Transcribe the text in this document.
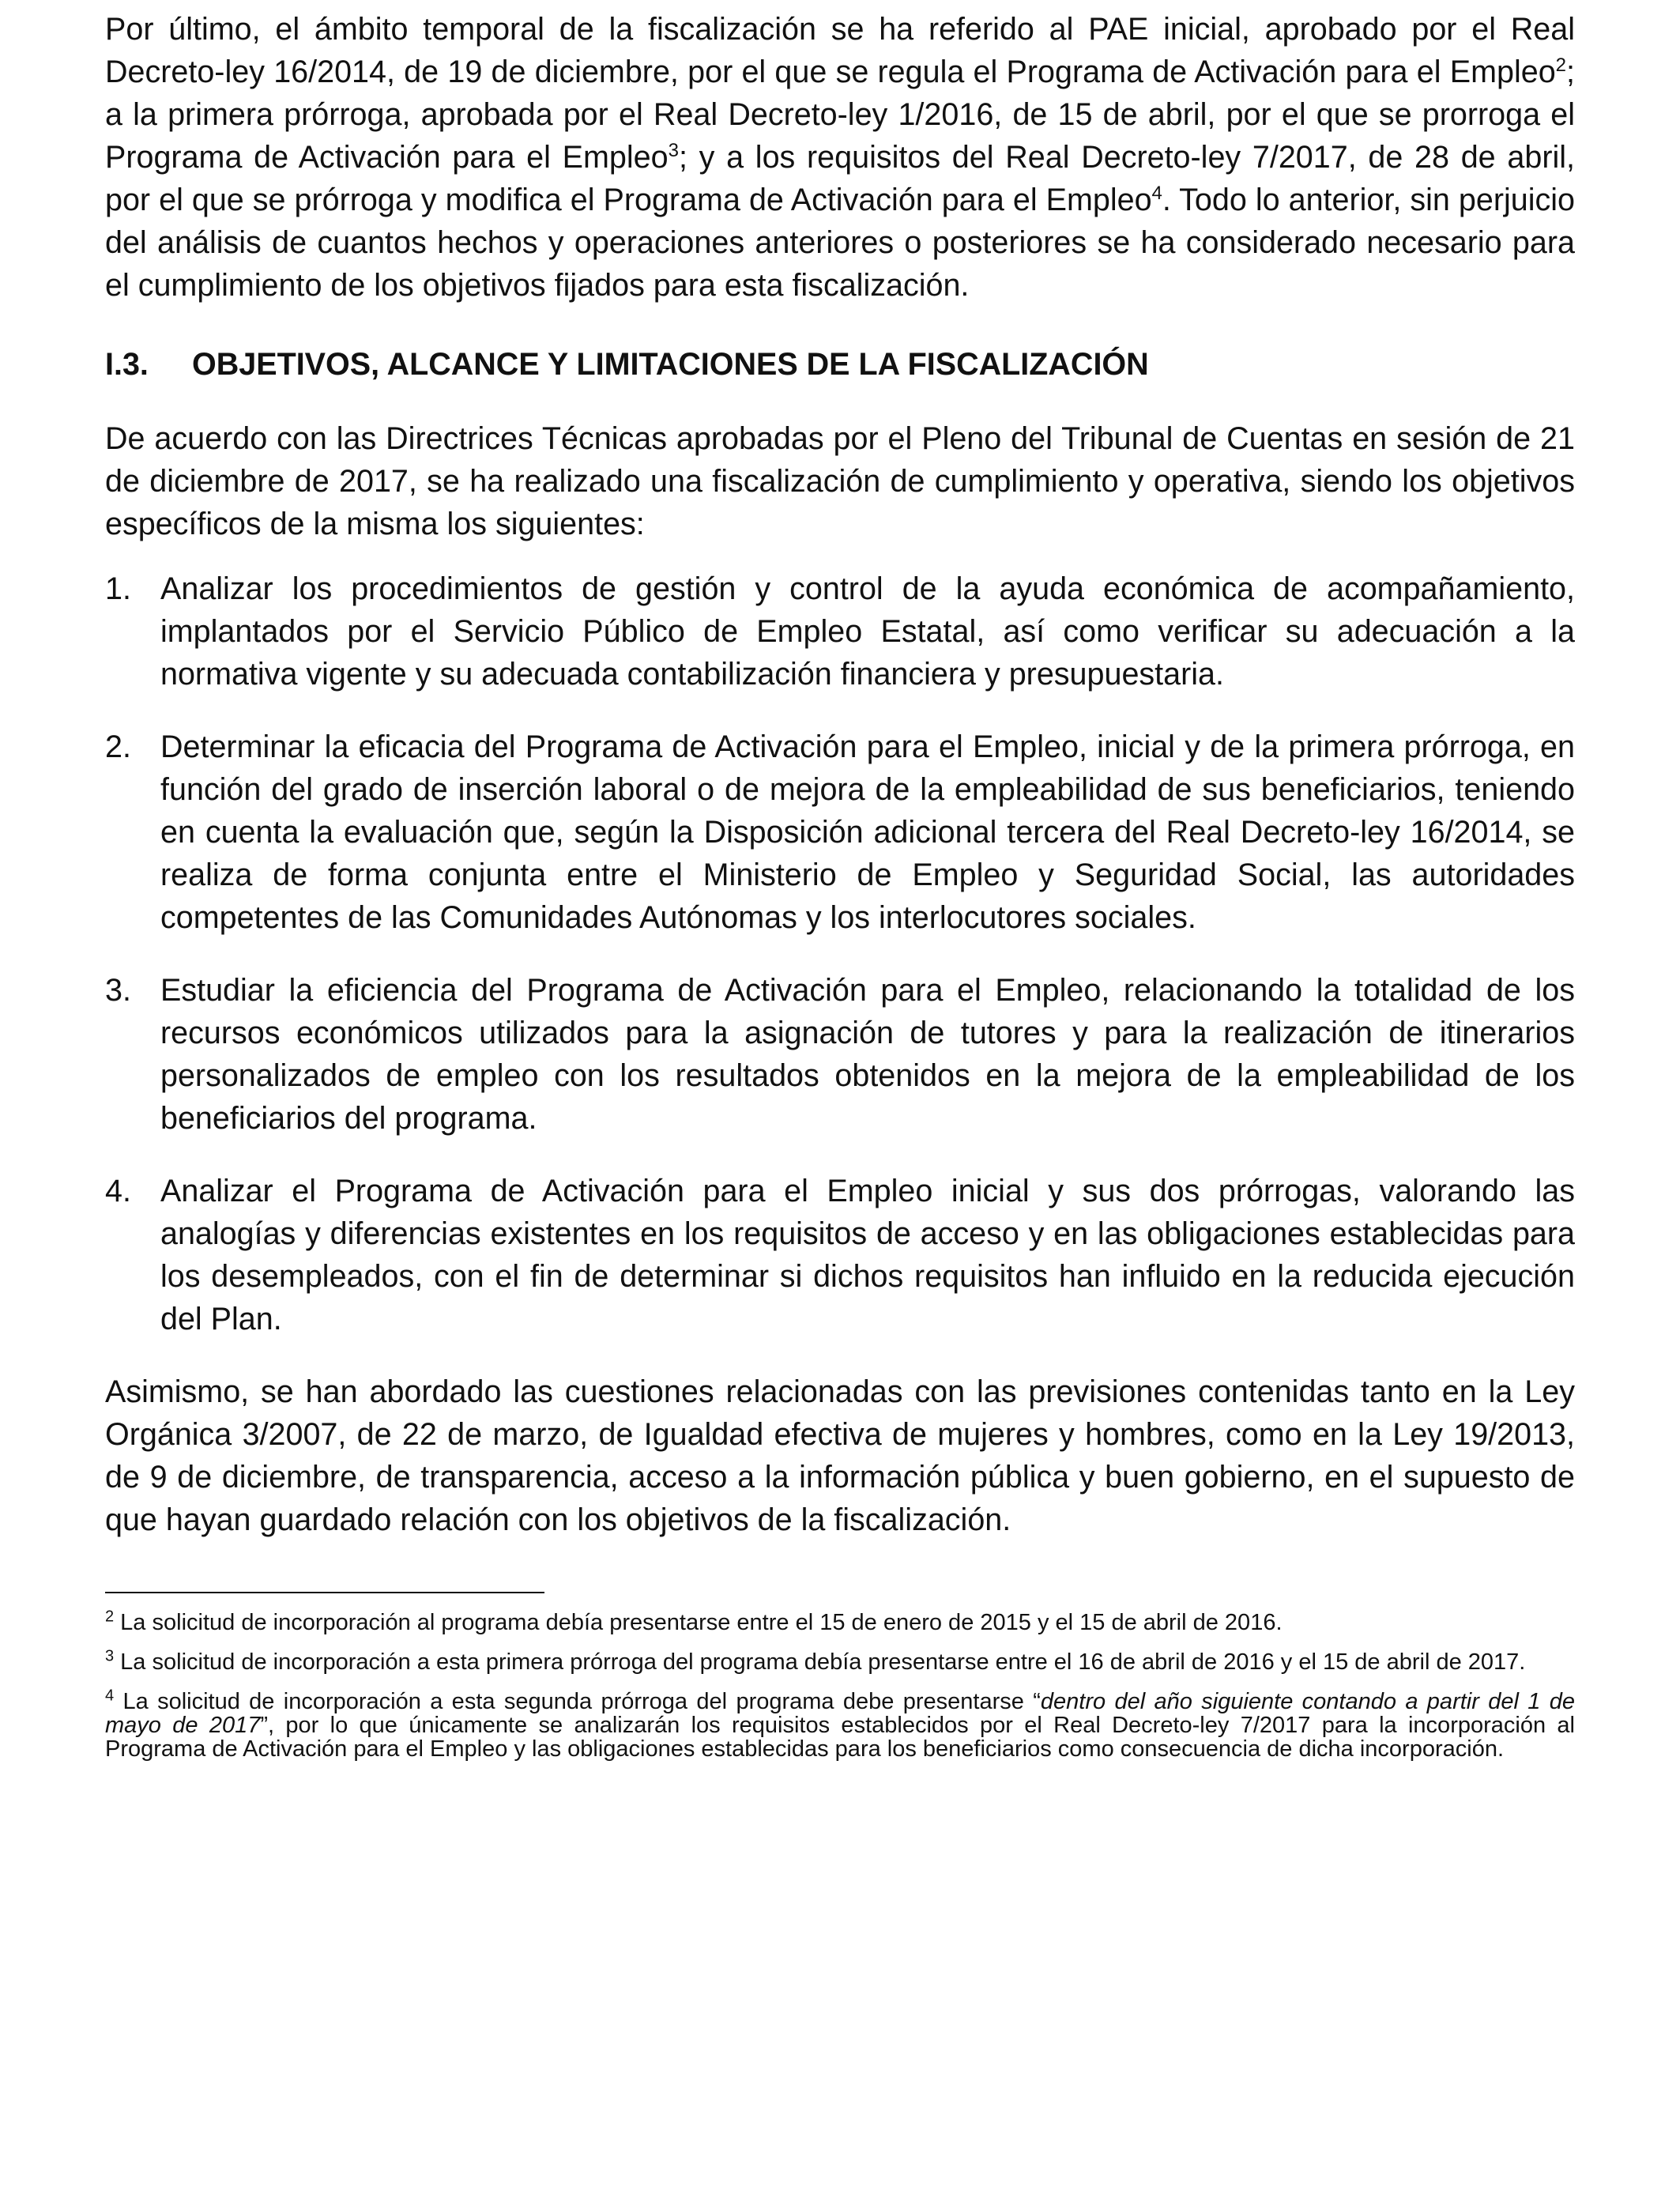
Por último, el ámbito temporal de la fiscalización se ha referido al PAE inicial, aprobado por el Real Decreto-ley 16/2014, de 19 de diciembre, por el que se regula el Programa de Activación para el Empleo$^2$; a la primera prórroga, aprobada por el Real Decreto-ley 1/2016, de 15 de abril, por el que se prorroga el Programa de Activación para el Empleo$^3$; y a los requisitos del Real Decreto-ley 7/2017, de 28 de abril, por el que se prórroga y modifica el Programa de Activación para el Empleo$^4$. Todo lo anterior, sin perjuicio del análisis de cuantos hechos y operaciones anteriores o posteriores se ha considerado necesario para el cumplimiento de los objetivos fijados para esta fiscalización.

I.3.	OBJETIVOS, ALCANCE Y LIMITACIONES DE LA FISCALIZACIÓN

De acuerdo con las Directrices Técnicas aprobadas por el Pleno del Tribunal de Cuentas en sesión de 21 de diciembre de 2017, se ha realizado una fiscalización de cumplimiento y operativa, siendo los objetivos específicos de la misma los siguientes:

1. Analizar los procedimientos de gestión y control de la ayuda económica de acompañamiento, implantados por el Servicio Público de Empleo Estatal, así como verificar su adecuación a la normativa vigente y su adecuada contabilización financiera y presupuestaria.
2. Determinar la eficacia del Programa de Activación para el Empleo, inicial y de la primera prórroga, en función del grado de inserción laboral o de mejora de la empleabilidad de sus beneficiarios, teniendo en cuenta la evaluación que, según la Disposición adicional tercera del Real Decreto-ley 16/2014, se realiza de forma conjunta entre el Ministerio de Empleo y Seguridad Social, las autoridades competentes de las Comunidades Autónomas y los interlocutores sociales.
3. Estudiar la eficiencia del Programa de Activación para el Empleo, relacionando la totalidad de los recursos económicos utilizados para la asignación de tutores y para la realización de itinerarios personalizados de empleo con los resultados obtenidos en la mejora de la empleabilidad de los beneficiarios del programa.
4. Analizar el Programa de Activación para el Empleo inicial y sus dos prórrogas, valorando las analogías y diferencias existentes en los requisitos de acceso y en las obligaciones establecidas para los desempleados, con el fin de determinar si dichos requisitos han influido en la reducida ejecución del Plan.

Asimismo, se han abordado las cuestiones relacionadas con las previsiones contenidas tanto en la Ley Orgánica 3/2007, de 22 de marzo, de Igualdad efectiva de mujeres y hombres, como en la Ley 19/2013, de 9 de diciembre, de transparencia, acceso a la información pública y buen gobierno, en el supuesto de que hayan guardado relación con los objetivos de la fiscalización.

$^2$ La solicitud de incorporación al programa debía presentarse entre el 15 de enero de 2015 y el 15 de abril de 2016.

$^3$ La solicitud de incorporación a esta primera prórroga del programa debía presentarse entre el 16 de abril de 2016 y el 15 de abril de 2017.

$^4$ La solicitud de incorporación a esta segunda prórroga del programa debe presentarse “dentro del año siguiente contando a partir del 1 de mayo de 2017”, por lo que únicamente se analizarán los requisitos establecidos por el Real Decreto-ley 7/2017 para la incorporación al Programa de Activación para el Empleo y las obligaciones establecidas para los beneficiarios como consecuencia de dicha incorporación.
